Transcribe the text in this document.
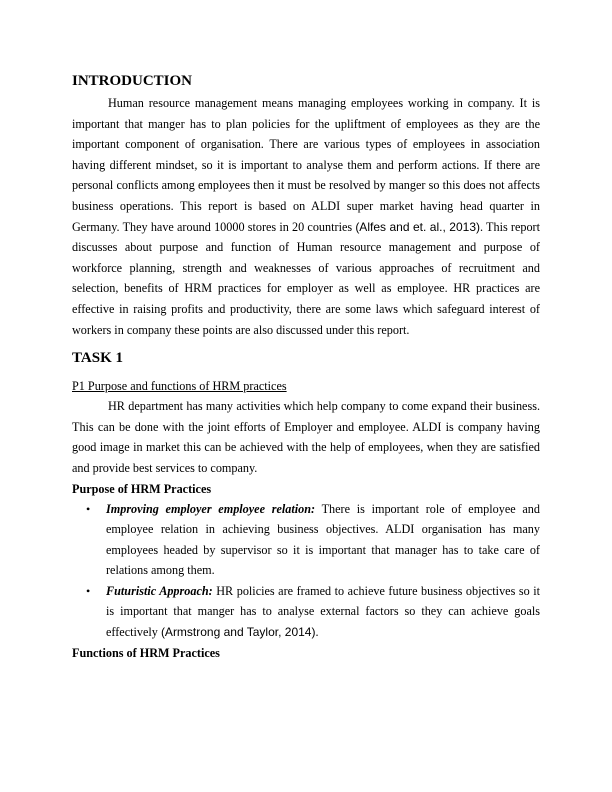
INTRODUCTION

Human resource management means managing employees working in company. It is important that manger has to plan policies for the upliftment of employees as they are the important component of organisation. There are various types of employees in association having different mindset, so it is important to analyse them and perform actions. If there are personal conflicts among employees then it must be resolved by manger so this does not affects business operations. This report is based on ALDI super market having head quarter in Germany. They have around 10000 stores in 20 countries (Alfes and et. al., 2013). This report discusses about purpose and function of Human resource management and purpose of workforce planning, strength and weaknesses of various approaches of recruitment and selection, benefits of HRM practices for employer as well as employee. HR practices are effective in raising profits and productivity, there are some laws which safeguard interest of workers in company these points are also discussed under this report.

TASK 1
P1 Purpose and functions of HRM practices

HR department has many activities which help company to come expand their business. This can be done with the joint efforts of Employer and employee. ALDI is company having good image in market this can be achieved with the help of employees, when they are satisfied and provide best services to company.

Purpose of HRM Practices
• Improving employer employee relation: There is important role of employee and employee relation in achieving business objectives. ALDI organisation has many employees headed by supervisor so it is important that manager has to take care of relations among them.
• Futuristic Approach: HR policies are framed to achieve future business objectives so it is important that manger has to analyse external factors so they can achieve goals effectively (Armstrong and Taylor, 2014).
Functions of HRM Practices
